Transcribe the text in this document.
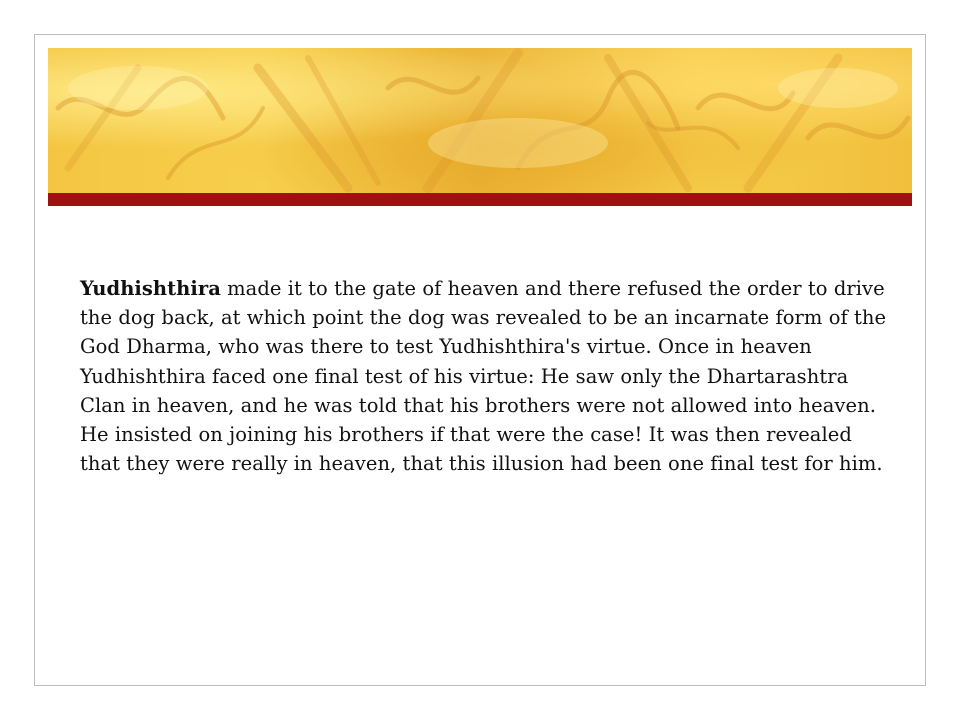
Yudhishthira made it to the gate of heaven and there refused the order to drive the dog back, at which point the dog was revealed to be an incarnate form of the God Dharma, who was there to test Yudhishthira's virtue. Once in heaven Yudhishthira faced one final test of his virtue: He saw only the Dhartarashtra Clan in heaven, and he was told that his brothers were not allowed into heaven. He insisted on joining his brothers if that were the case! It was then revealed that they were really in heaven, that this illusion had been one final test for him.
